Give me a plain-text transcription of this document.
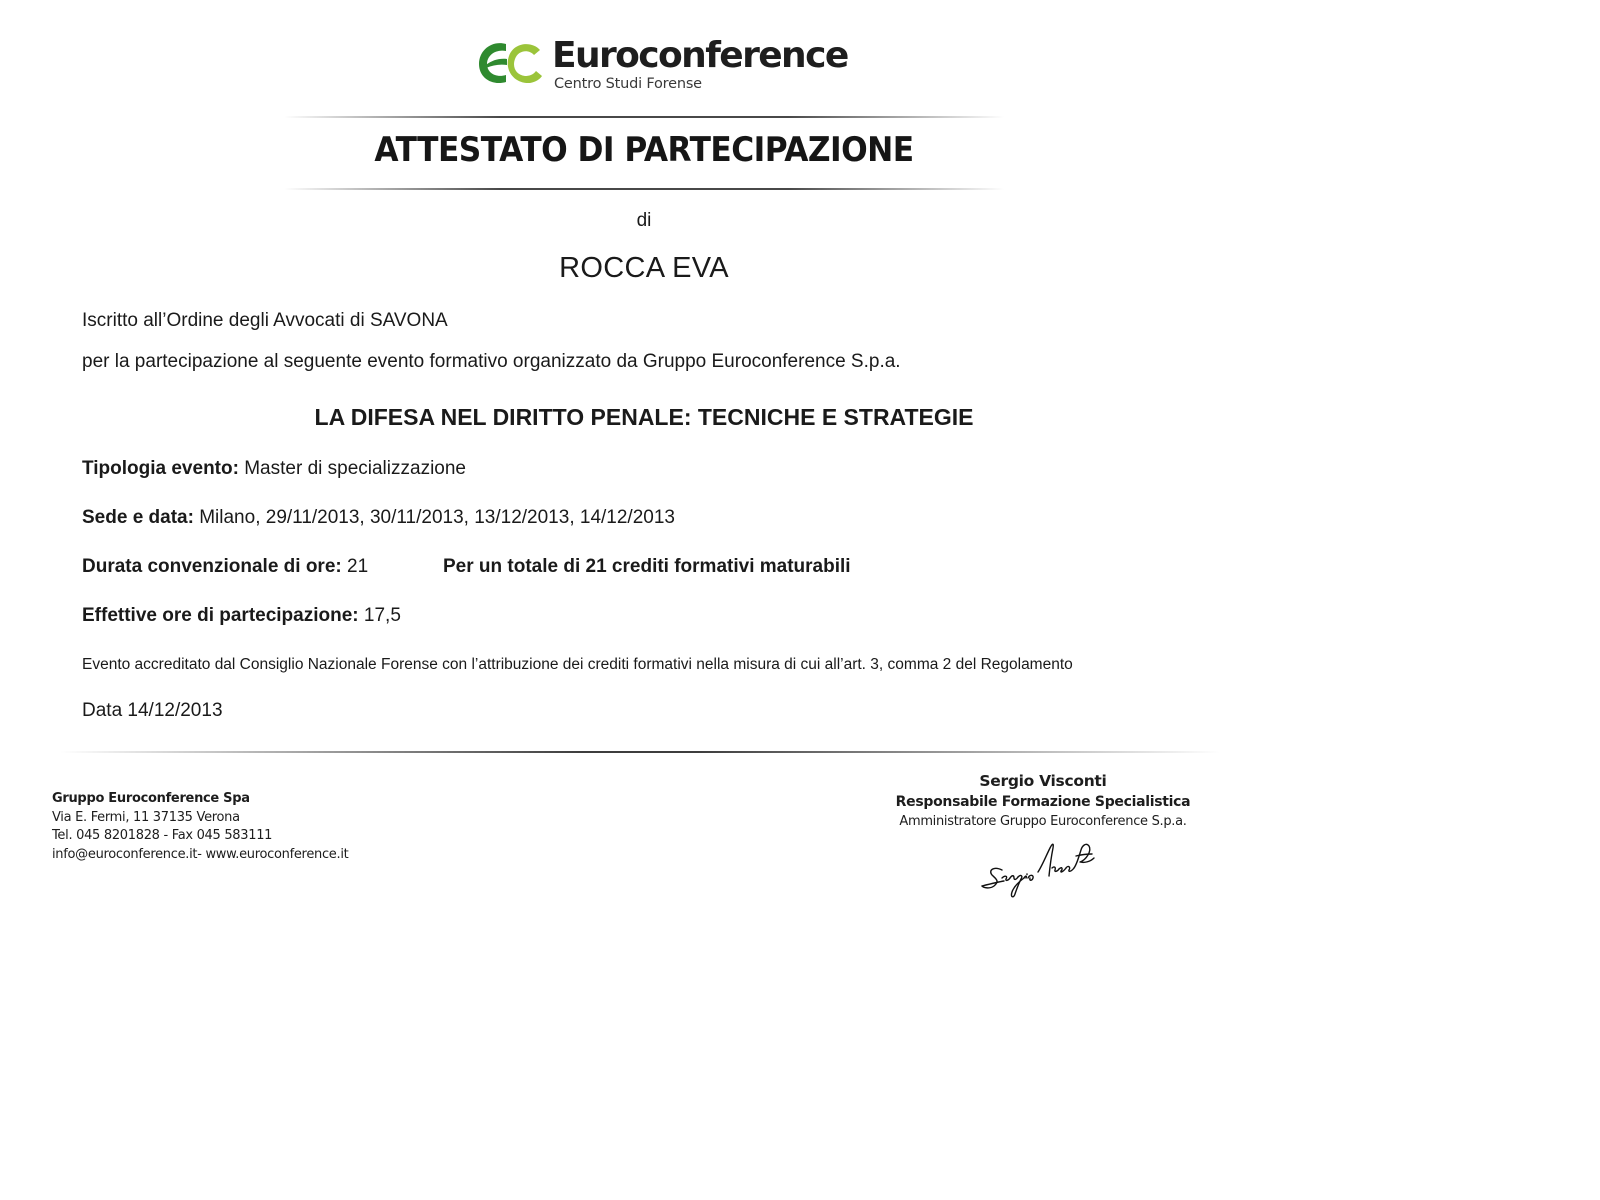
Euroconference
Centro Studi Forense
ATTESTATO DI PARTECIPAZIONE
di
ROCCA EVA
Iscritto all’Ordine degli Avvocati di SAVONA
per la partecipazione al seguente evento formativo organizzato da Gruppo Euroconference S.p.a.
LA DIFESA NEL DIRITTO PENALE: TECNICHE E STRATEGIE
Tipologia evento: Master di specializzazione
Sede e data: Milano, 29/11/2013, 30/11/2013, 13/12/2013, 14/12/2013
Durata convenzionale di ore: 21	Per un totale di 21 crediti formativi maturabili
Effettive ore di partecipazione: 17,5
Evento accreditato dal Consiglio Nazionale Forense con l’attribuzione dei crediti formativi nella misura di cui all’art. 3, comma 2 del Regolamento
Data 14/12/2013
Gruppo Euroconference Spa
Via E. Fermi, 11 37135 Verona
Tel. 045 8201828 - Fax 045 583111
info@euroconference.it- www.euroconference.it
Sergio Visconti
Responsabile Formazione Specialistica
Amministratore Gruppo Euroconference S.p.a.
